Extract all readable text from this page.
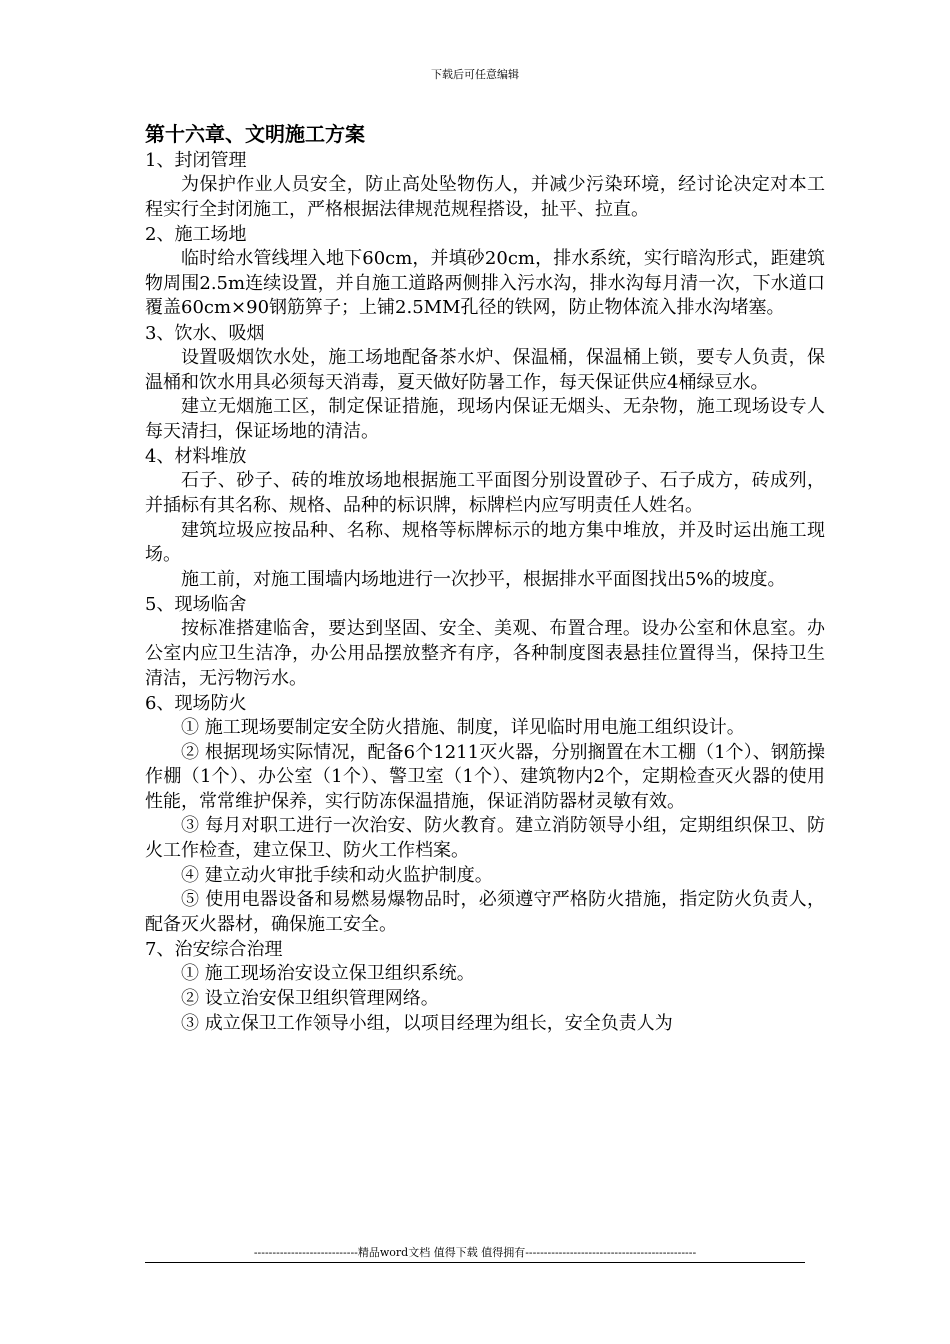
下载后可任意编辑
第十六章、文明施工方案
1、封闭管理
为保护作业人员安全，防止高处坠物伤人，并减少污染环境，经讨论决定对本工程实行全封闭施工，严格根据法律规范规程搭设，扯平、拉直。
2、施工场地
临时给水管线埋入地下60cm，并填砂20cm，排水系统，实行暗沟形式，距建筑物周围2.5m连续设置，并自施工道路两侧排入污水沟，排水沟每月清一次，下水道口覆盖60cm×90钢筋箅子；上铺2.5MM孔径的铁网，防止物体流入排水沟堵塞。
3、饮水、吸烟
设置吸烟饮水处，施工场地配备茶水炉、保温桶，保温桶上锁，要专人负责，保温桶和饮水用具必须每天消毒，夏天做好防暑工作，每天保证供应4桶绿豆水。
建立无烟施工区，制定保证措施，现场内保证无烟头、无杂物，施工现场设专人每天清扫，保证场地的清洁。
4、材料堆放
石子、砂子、砖的堆放场地根据施工平面图分别设置砂子、石子成方，砖成列，并插标有其名称、规格、品种的标识牌，标牌栏内应写明责任人姓名。
建筑垃圾应按品种、名称、规格等标牌标示的地方集中堆放，并及时运出施工现场。
施工前，对施工围墙内场地进行一次抄平，根据排水平面图找出5%的坡度。
5、现场临舍
按标准搭建临舍，要达到坚固、安全、美观、布置合理。设办公室和休息室。办公室内应卫生洁净，办公用品摆放整齐有序，各种制度图表悬挂位置得当，保持卫生清洁，无污物污水。
6、现场防火
① 施工现场要制定安全防火措施、制度，详见临时用电施工组织设计。
② 根据现场实际情况，配备6个1211灭火器，分别搁置在木工棚（1个）、钢筋操作棚（1个）、办公室（1个）、警卫室（1个）、建筑物内2个，定期检查灭火器的使用性能，常常维护保养，实行防冻保温措施，保证消防器材灵敏有效。
③ 每月对职工进行一次治安、防火教育。建立消防领导小组，定期组织保卫、防火工作检查，建立保卫、防火工作档案。
④ 建立动火审批手续和动火监护制度。
⑤ 使用电器设备和易燃易爆物品时，必须遵守严格防火措施，指定防火负责人，配备灭火器材，确保施工安全。
7、治安综合治理
① 施工现场治安设立保卫组织系统。
② 设立治安保卫组织管理网络。
③ 成立保卫工作领导小组，以项目经理为组长，安全负责人为
----------------------------精品word文档 值得下载 值得拥有----------------------------------------------
